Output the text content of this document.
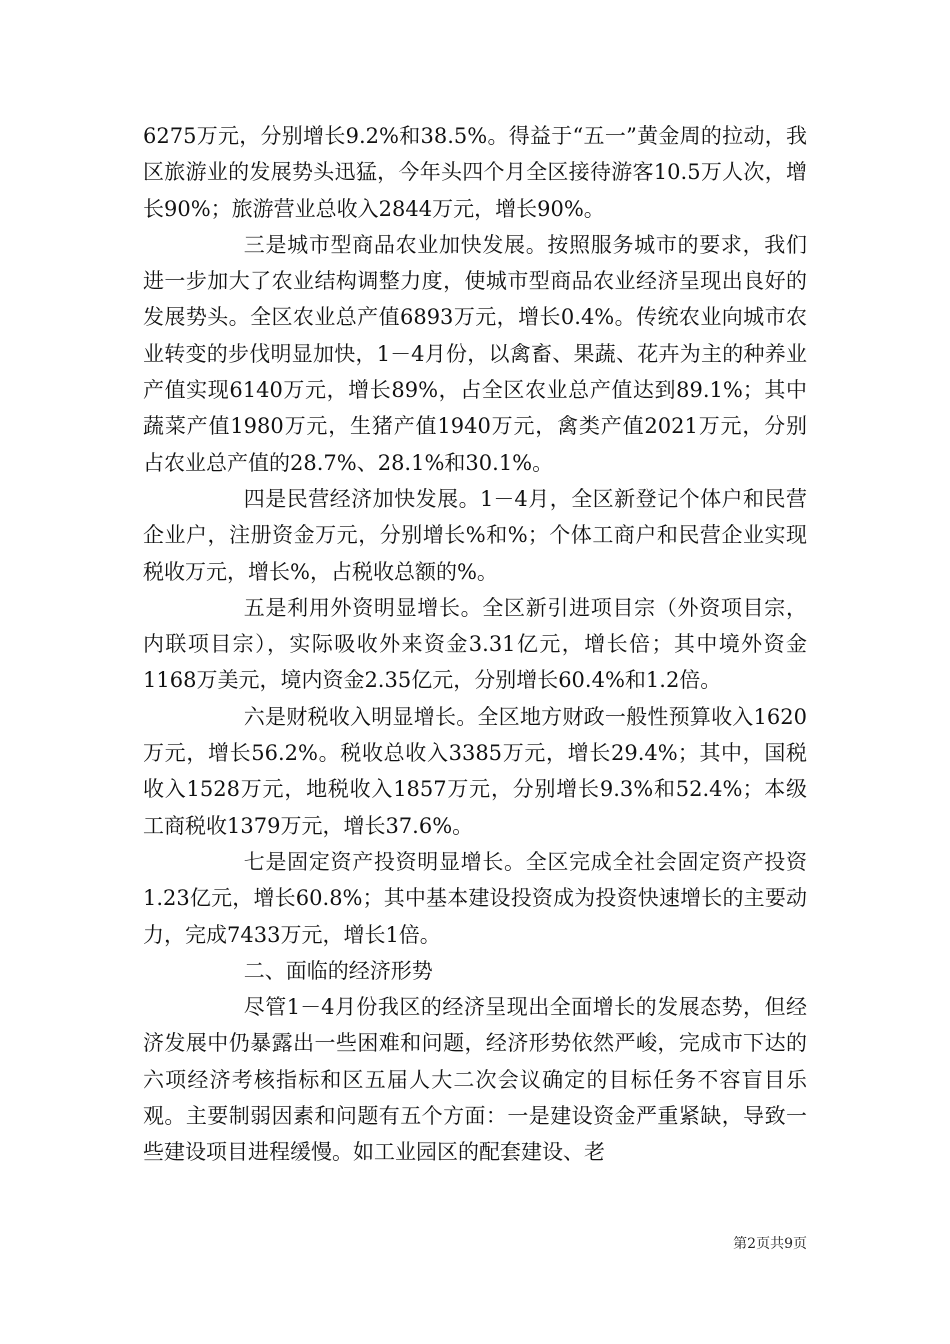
6275万元，分别增长9.2%和38.5%。得益于“五一”黄金周的拉动，我区旅游业的发展势头迅猛，今年头四个月全区接待游客10.5万人次，增长90%；旅游营业总收入2844万元，增长90%。

三是城市型商品农业加快发展。按照服务城市的要求，我们进一步加大了农业结构调整力度，使城市型商品农业经济呈现出良好的发展势头。全区农业总产值6893万元，增长0.4%。传统农业向城市农业转变的步伐明显加快，1－4月份，以禽畜、果蔬、花卉为主的种养业产值实现6140万元，增长89%，占全区农业总产值达到89.1%；其中蔬菜产值1980万元，生猪产值1940万元，禽类产值2021万元，分别占农业总产值的28.7%、28.1%和30.1%。

四是民营经济加快发展。1－4月，全区新登记个体户和民营企业户，注册资金万元，分别增长%和%；个体工商户和民营企业实现税收万元，增长%，占税收总额的%。

五是利用外资明显增长。全区新引进项目宗（外资项目宗，内联项目宗），实际吸收外来资金3.31亿元，增长倍；其中境外资金1168万美元，境内资金2.35亿元，分别增长60.4%和1.2倍。

六是财税收入明显增长。全区地方财政一般性预算收入1620万元，增长56.2%。税收总收入3385万元，增长29.4%；其中，国税收入1528万元，地税收入1857万元，分别增长9.3%和52.4%；本级工商税收1379万元，增长37.6%。

七是固定资产投资明显增长。全区完成全社会固定资产投资1.23亿元，增长60.8%；其中基本建设投资成为投资快速增长的主要动力，完成7433万元，增长1倍。

二、面临的经济形势

尽管1－4月份我区的经济呈现出全面增长的发展态势，但经济发展中仍暴露出一些困难和问题，经济形势依然严峻，完成市下达的六项经济考核指标和区五届人大二次会议确定的目标任务不容盲目乐观。主要制弱因素和问题有五个方面：一是建设资金严重紧缺，导致一些建设项目进程缓慢。如工业园区的配套建设、老

第2页共9页
